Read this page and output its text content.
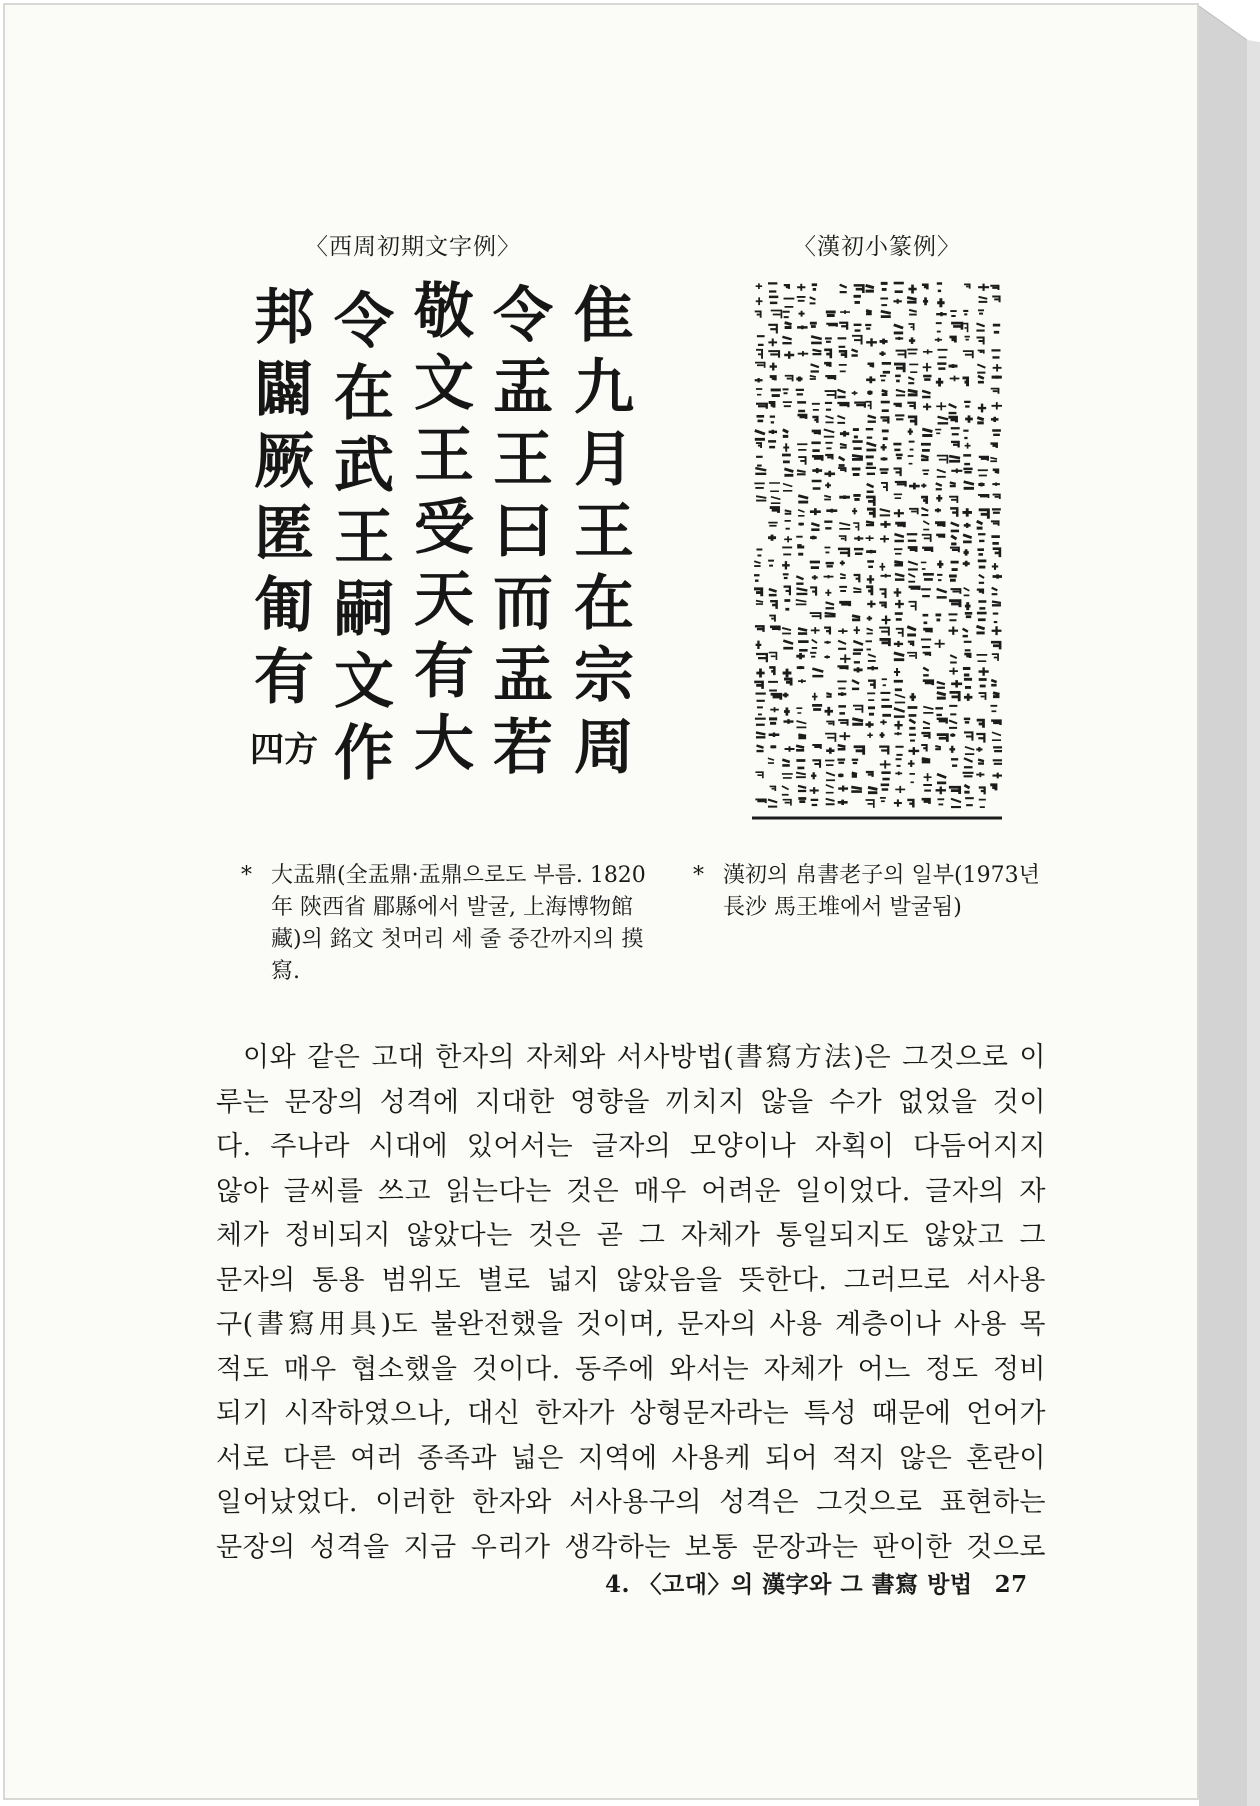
〈西周初期文字例〉
隹
九
月
王
在
宗
周
令
盂
王
曰
而
盂
若
敬
文
王
受
天
有
大
令
在
武
王
嗣
文
作
邦
闢
厥
匿
匍
有
四方
〈漢初小篆例〉
* 大盂鼎(全盂鼎·盂鼎으로도 부름. 1820年 陝西省 郿縣에서 발굴, 上海博物館藏)의 銘文 첫머리 세 줄 중간까지의 摸寫.
* 漢初의 帛書老子의 일부(1973년 長沙 馬王堆에서 발굴됨)
이와 같은 고대 한자의 자체와 서사방법(書寫方法)은 그것으로 이
루는 문장의 성격에 지대한 영향을 끼치지 않을 수가 없었을 것이
다. 주나라 시대에 있어서는 글자의 모양이나 자획이 다듬어지지
않아 글씨를 쓰고 읽는다는 것은 매우 어려운 일이었다. 글자의 자
체가 정비되지 않았다는 것은 곧 그 자체가 통일되지도 않았고 그
문자의 통용 범위도 별로 넓지 않았음을 뜻한다. 그러므로 서사용
구(書寫用具)도 불완전했을 것이며, 문자의 사용 계층이나 사용 목
적도 매우 협소했을 것이다. 동주에 와서는 자체가 어느 정도 정비
되기 시작하였으나, 대신 한자가 상형문자라는 특성 때문에 언어가
서로 다른 여러 종족과 넓은 지역에 사용케 되어 적지 않은 혼란이
일어났었다. 이러한 한자와 서사용구의 성격은 그것으로 표현하는
문장의 성격을 지금 우리가 생각하는 보통 문장과는 판이한 것으로
4. 〈고대〉의 漢字와 그 書寫 방법 27
